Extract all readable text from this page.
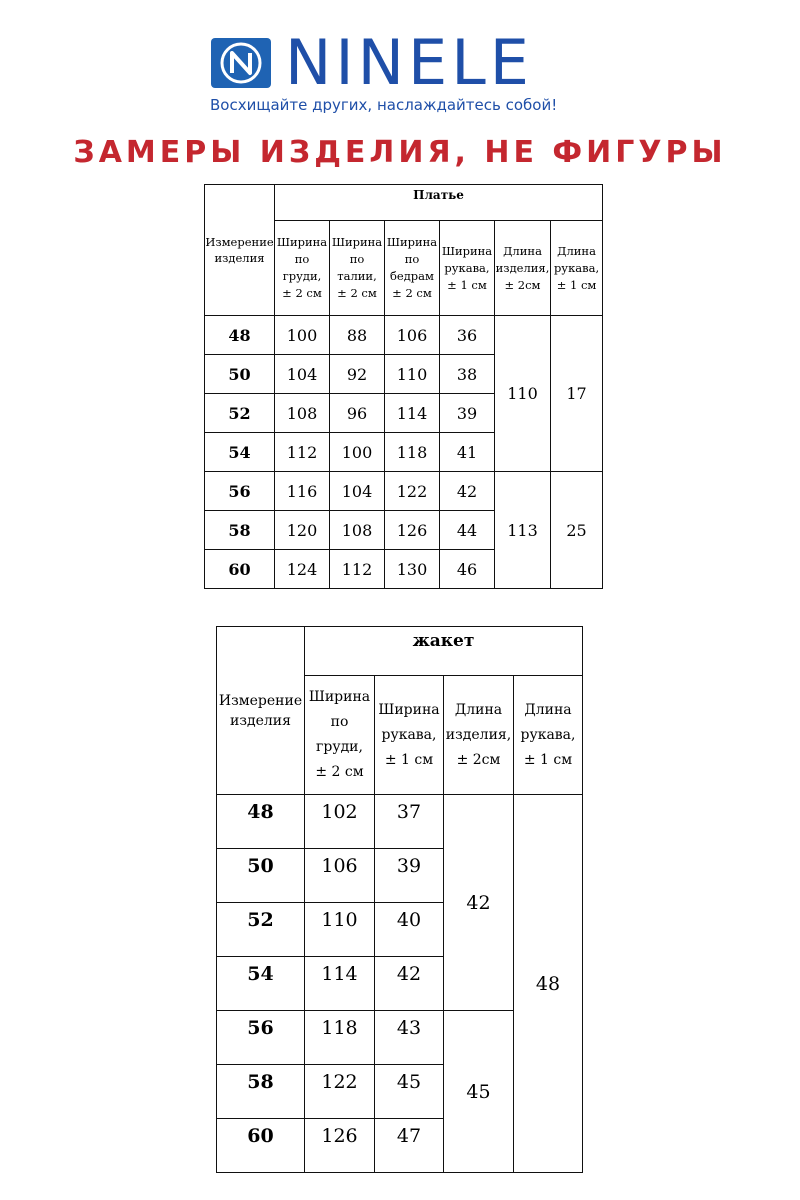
NINELE
Восхищайте других, наслаждайтесь собой!
ЗАМЕРЫ ИЗДЕЛИЯ, НЕ ФИГУРЫ
Измерение
изделия	Платье					

	Ширина
по груди,
± 2 см	Ширина
по талии,
± 2 см	Ширина
по
бедрам
± 2 см	Ширина
рукава,
± 1 см	Длина
изделия,
± 2см	Длина
рукава,
± 1 см

48	100	88	106	36	110	17
50	104	92	110	38		
52	108	96	114	39		
54	112	100	118	41		
56	116	104	122	42	113	25
58	120	108	126	44		
60	124	112	130	46		
Измерение
изделия	жакет			

	Ширина
по груди,
± 2 см	Ширина
рукава,
± 1 см	Длина
изделия,
± 2см	Длина
рукава,
± 1 см

48	102	37	42	48
50	106	39		
52	110	40		
54	114	42		
56	118	43	45	
58	122	45		
60	126	47		
